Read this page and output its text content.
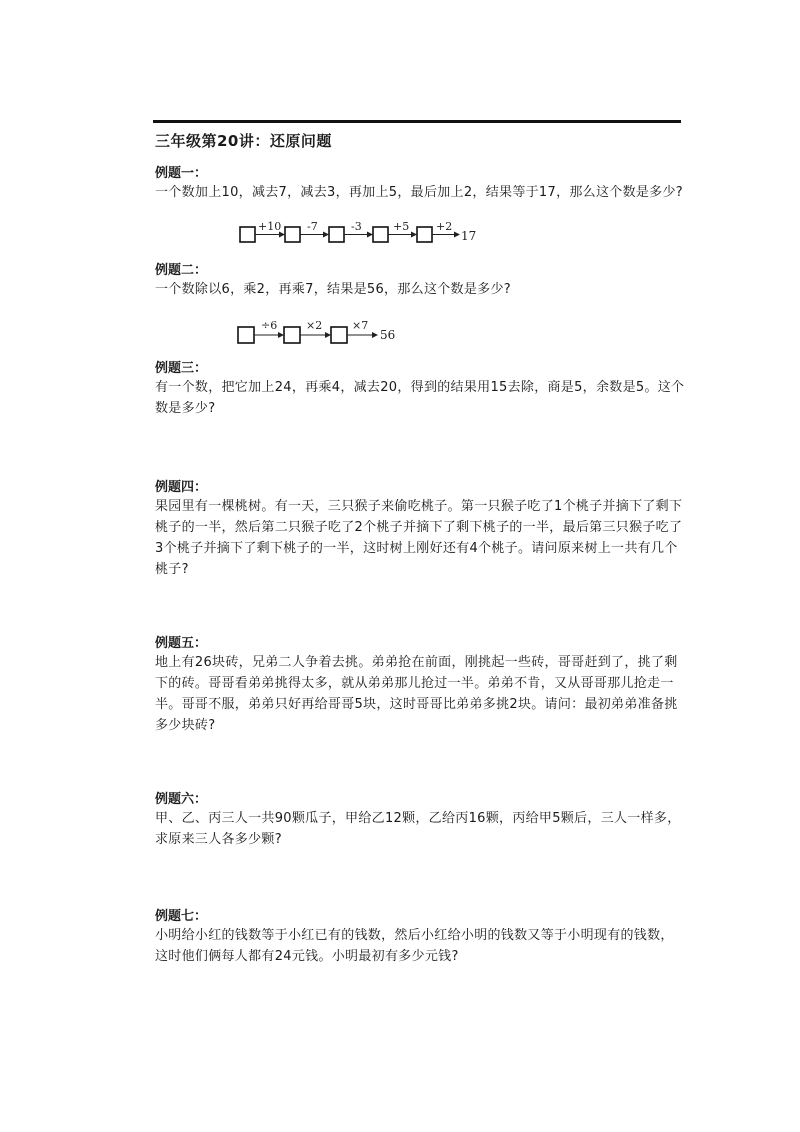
三年级第20讲：还原问题
例题一：
一个数加上10，减去7，减去3，再加上5，最后加上2，结果等于17，那么这个数是多少?
+10 -7	-3	+5 +2
17
例题二：
一个数除以6，乘2，再乘7，结果是56，那么这个数是多少?
÷6	×2	×7
56
例题三：
有一个数，把它加上24，再乘4，减去20，得到的结果用15去除，商是5，余数是5。这个数是多少?
例题四：
果园里有一棵桃树。有一天，三只猴子来偷吃桃子。第一只猴子吃了1个桃子并摘下了剩下桃子的一半，然后第二只猴子吃了2个桃子并摘下了剩下桃子的一半，最后第三只猴子吃了3个桃子并摘下了剩下桃子的一半，这时树上刚好还有4个桃子。请问原来树上一共有几个桃子?
例题五：
地上有26块砖，兄弟二人争着去挑。弟弟抢在前面，刚挑起一些砖，哥哥赶到了，挑了剩下的砖。哥哥看弟弟挑得太多，就从弟弟那儿抢过一半。弟弟不肯，又从哥哥那儿抢走一半。哥哥不服，弟弟只好再给哥哥5块，这时哥哥比弟弟多挑2块。请问：最初弟弟准备挑多少块砖?
例题六：
甲、乙、丙三人一共90颗瓜子，甲给乙12颗，乙给丙16颗，丙给甲5颗后，三人一样多，求原来三人各多少颗?
例题七：
小明给小红的钱数等于小红已有的钱数，然后小红给小明的钱数又等于小明现有的钱数，这时他们俩每人都有24元钱。小明最初有多少元钱?
